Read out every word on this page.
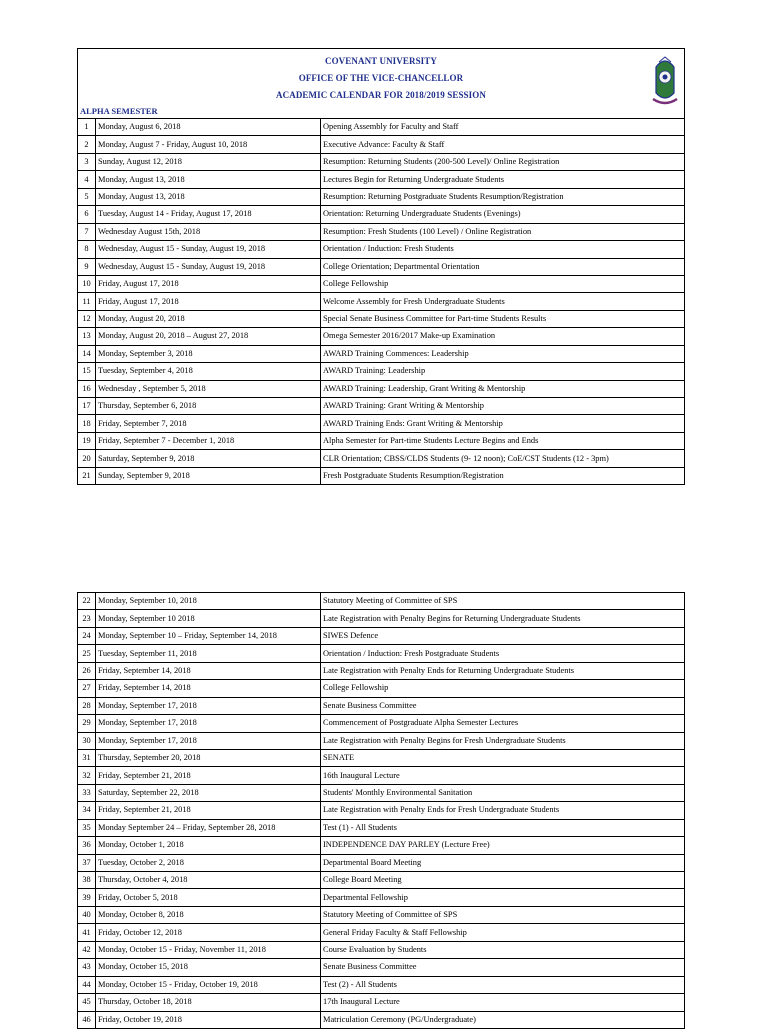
COVENANT UNIVERSITY
OFFICE OF THE VICE-CHANCELLOR
ACADEMIC CALENDAR FOR 2018/2019 SESSION
ALPHA SEMESTER
1	Monday, August 6, 2018	Opening Assembly for Faculty and Staff
2	Monday, August 7 - Friday, August 10, 2018	Executive Advance: Faculty & Staff
3	Sunday, August 12, 2018	Resumption: Returning Students (200-500 Level)/ Online Registration
4	Monday, August 13, 2018	Lectures Begin for Returning Undergraduate Students
5	Monday, August 13, 2018	Resumption: Returning Postgraduate Students Resumption/Registration
6	Tuesday, August 14 - Friday, August 17, 2018	Orientation: Returning Undergraduate Students (Evenings)
7	Wednesday August 15th, 2018	Resumption: Fresh Students (100 Level) / Online Registration
8	Wednesday, August 15 - Sunday, August 19, 2018	Orientation / Induction: Fresh Students
9	Wednesday, August 15 - Sunday, August 19, 2018	College Orientation; Departmental Orientation
10	Friday, August 17, 2018	College Fellowship
11	Friday, August 17, 2018	Welcome Assembly for Fresh Undergraduate Students
12	Monday, August 20, 2018	Special Senate Business Committee for Part-time Students Results
13	Monday, August 20, 2018 – August 27, 2018	Omega Semester 2016/2017 Make-up Examination
14	Monday, September 3, 2018	AWARD Training Commences: Leadership
15	Tuesday, September 4, 2018	AWARD Training: Leadership
16	Wednesday , September 5, 2018	AWARD Training: Leadership, Grant Writing & Mentorship
17	Thursday, September 6, 2018	AWARD Training: Grant Writing & Mentorship
18	Friday, September 7, 2018	AWARD Training Ends: Grant Writing & Mentorship
19	Friday, September 7 - December 1, 2018	Alpha Semester for Part-time Students Lecture Begins and Ends
20	Saturday, September 9, 2018	CLR Orientation; CBSS/CLDS Students (9- 12 noon); CoE/CST Students (12 - 3pm)
21	Sunday, September 9, 2018	Fresh Postgraduate Students Resumption/Registration
22	Monday, September 10, 2018	Statutory Meeting of Committee of SPS
23	Monday, September 10 2018	Late Registration with Penalty Begins for Returning Undergraduate Students
24	Monday, September 10 – Friday, September 14, 2018	SIWES Defence
25	Tuesday, September 11, 2018	Orientation / Induction: Fresh Postgraduate Students
26	Friday, September 14, 2018	Late Registration with Penalty Ends for Returning Undergraduate Students
27	Friday, September 14, 2018	College Fellowship
28	Monday, September 17, 2018	Senate Business Committee
29	Monday, September 17, 2018	Commencement of Postgraduate Alpha Semester Lectures
30	Monday, September 17, 2018	Late Registration with Penalty Begins for Fresh Undergraduate Students
31	Thursday, September 20, 2018	SENATE
32	Friday, September 21, 2018	16th Inaugural Lecture
33	Saturday, September 22, 2018	Students' Monthly Environmental Sanitation
34	Friday, September 21, 2018	Late Registration with Penalty Ends for Fresh Undergraduate Students
35	Monday September 24 – Friday, September 28, 2018	Test (1) - All Students
36	Monday, October 1, 2018	INDEPENDENCE DAY PARLEY (Lecture Free)
37	Tuesday, October 2, 2018	Departmental Board Meeting
38	Thursday, October 4, 2018	College Board Meeting
39	Friday, October 5, 2018	Departmental Fellowship
40	Monday, October 8, 2018	Statutory Meeting of Committee of SPS
41	Friday, October 12, 2018	General Friday Faculty & Staff Fellowship
42	Monday, October 15 - Friday, November 11, 2018	Course Evaluation by Students
43	Monday, October 15, 2018	Senate Business Committee
44	Monday, October 15 - Friday, October 19, 2018	Test (2) - All Students
45	Thursday, October 18, 2018	17th Inaugural Lecture
46	Friday, October 19, 2018	Matriculation Ceremony (PG/Undergraduate)
